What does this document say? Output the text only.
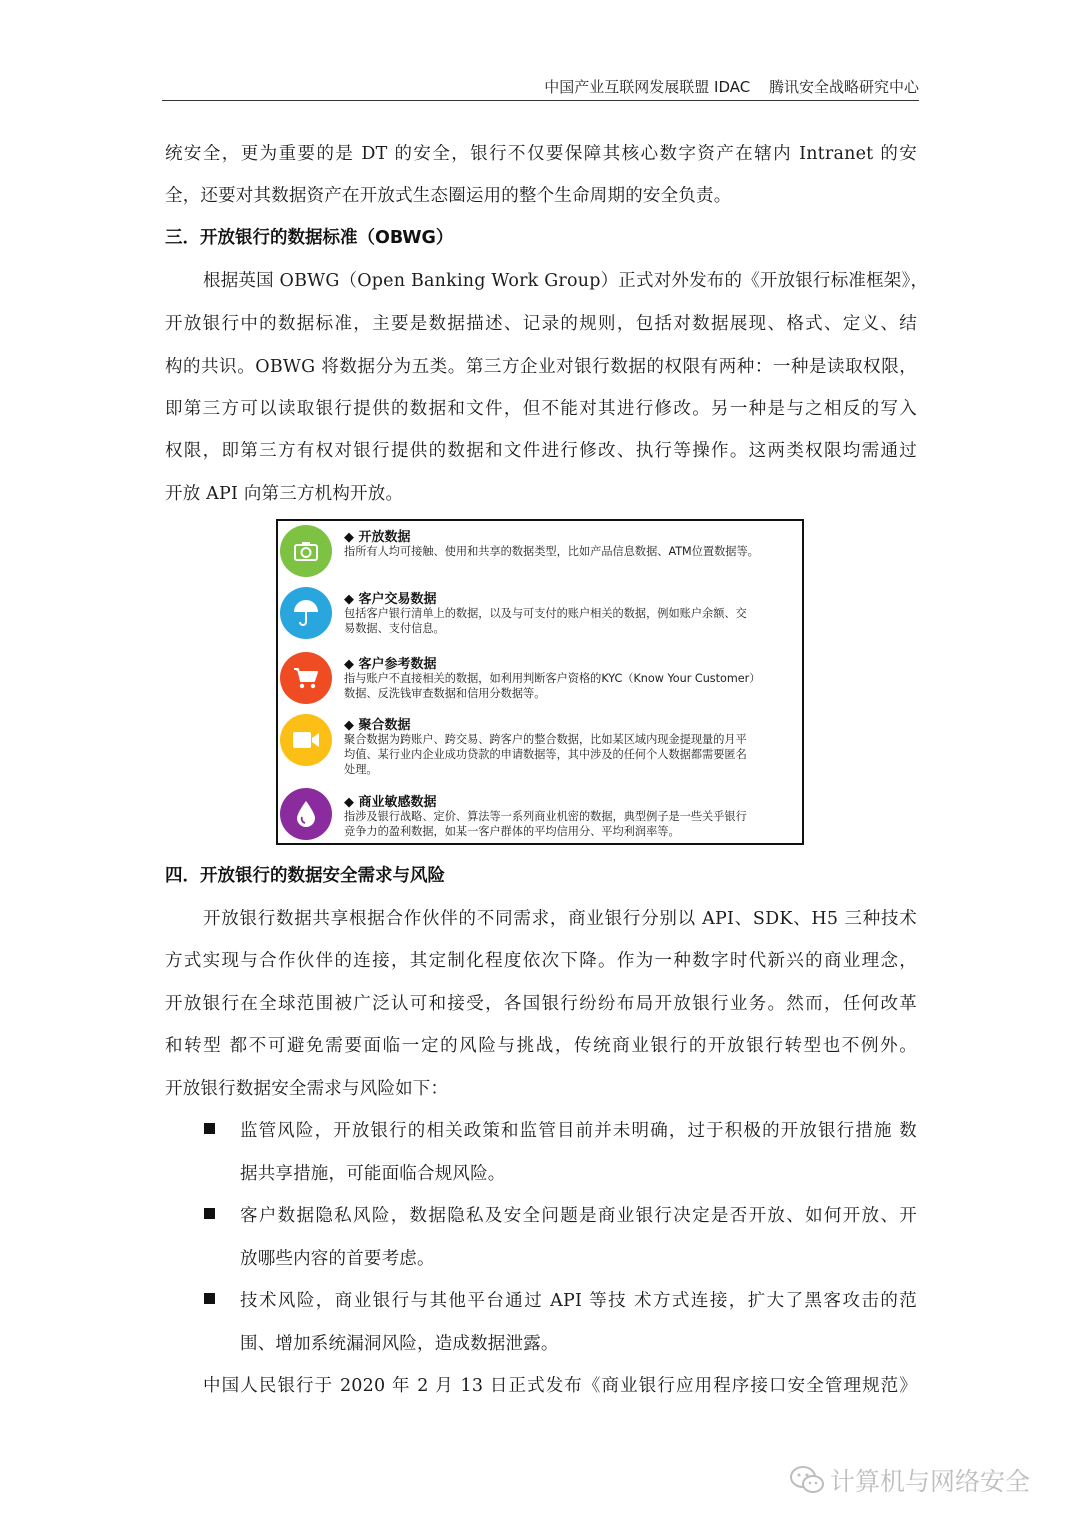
中国产业互联网发展联盟 IDAC 腾讯安全战略研究中心
统安全，更为重要的是 DT 的安全，银行不仅要保障其核心数字资产在辖内 Intranet 的安
全，还要对其数据资产在开放式生态圈运用的整个生命周期的安全负责。
三．开放银行的数据标准（OBWG）
根据英国 OBWG（Open Banking Work Group）正式对外发布的《开放银行标准框架》，
开放银行中的数据标准，主要是数据描述、记录的规则，包括对数据展现、格式、定义、结
构的共识。OBWG 将数据分为五类。第三方企业对银行数据的权限有两种：一种是读取权限，
即第三方可以读取银行提供的数据和文件，但不能对其进行修改。另一种是与之相反的写入
权限，即第三方有权对银行提供的数据和文件进行修改、执行等操作。这两类权限均需通过
开放 API 向第三方机构开放。
◆ 开放数据
指所有人均可接触、使用和共享的数据类型，比如产品信息数据、ATM位置数据等。
◆ 客户交易数据
包括客户银行清单上的数据，以及与可支付的账户相关的数据，例如账户余额、交
易数据、支付信息。
◆ 客户参考数据
指与账户不直接相关的数据，如利用判断客户资格的KYC（Know Your Customer）
数据、反洗钱审查数据和信用分数据等。
◆ 聚合数据
聚合数据为跨账户、跨交易、跨客户的整合数据，比如某区域内现金提现量的月平
均值、某行业内企业成功贷款的申请数据等，其中涉及的任何个人数据都需要匿名
处理。
◆ 商业敏感数据
指涉及银行战略、定价、算法等一系列商业机密的数据，典型例子是一些关乎银行
竞争力的盈利数据，如某一客户群体的平均信用分、平均利润率等。
四．开放银行的数据安全需求与风险
开放银行数据共享根据合作伙伴的不同需求，商业银行分别以 API、SDK、H5 三种技术
方式实现与合作伙伴的连接，其定制化程度依次下降。作为一种数字时代新兴的商业理念，
开放银行在全球范围被广泛认可和接受，各国银行纷纷布局开放银行业务。然而，任何改革
和转型 都不可避免需要面临一定的风险与挑战，传统商业银行的开放银行转型也不例外。
开放银行数据安全需求与风险如下：
监管风险，开放银行的相关政策和监管目前并未明确，过于积极的开放银行措施 数
据共享措施，可能面临合规风险。
客户数据隐私风险，数据隐私及安全问题是商业银行决定是否开放、如何开放、开
放哪些内容的首要考虑。
技术风险，商业银行与其他平台通过 API 等技 术方式连接，扩大了黑客攻击的范
围、增加系统漏洞风险，造成数据泄露。
中国人民银行于 2020 年 2 月 13 日正式发布《商业银行应用程序接口安全管理规范》
计算机与网络安全
